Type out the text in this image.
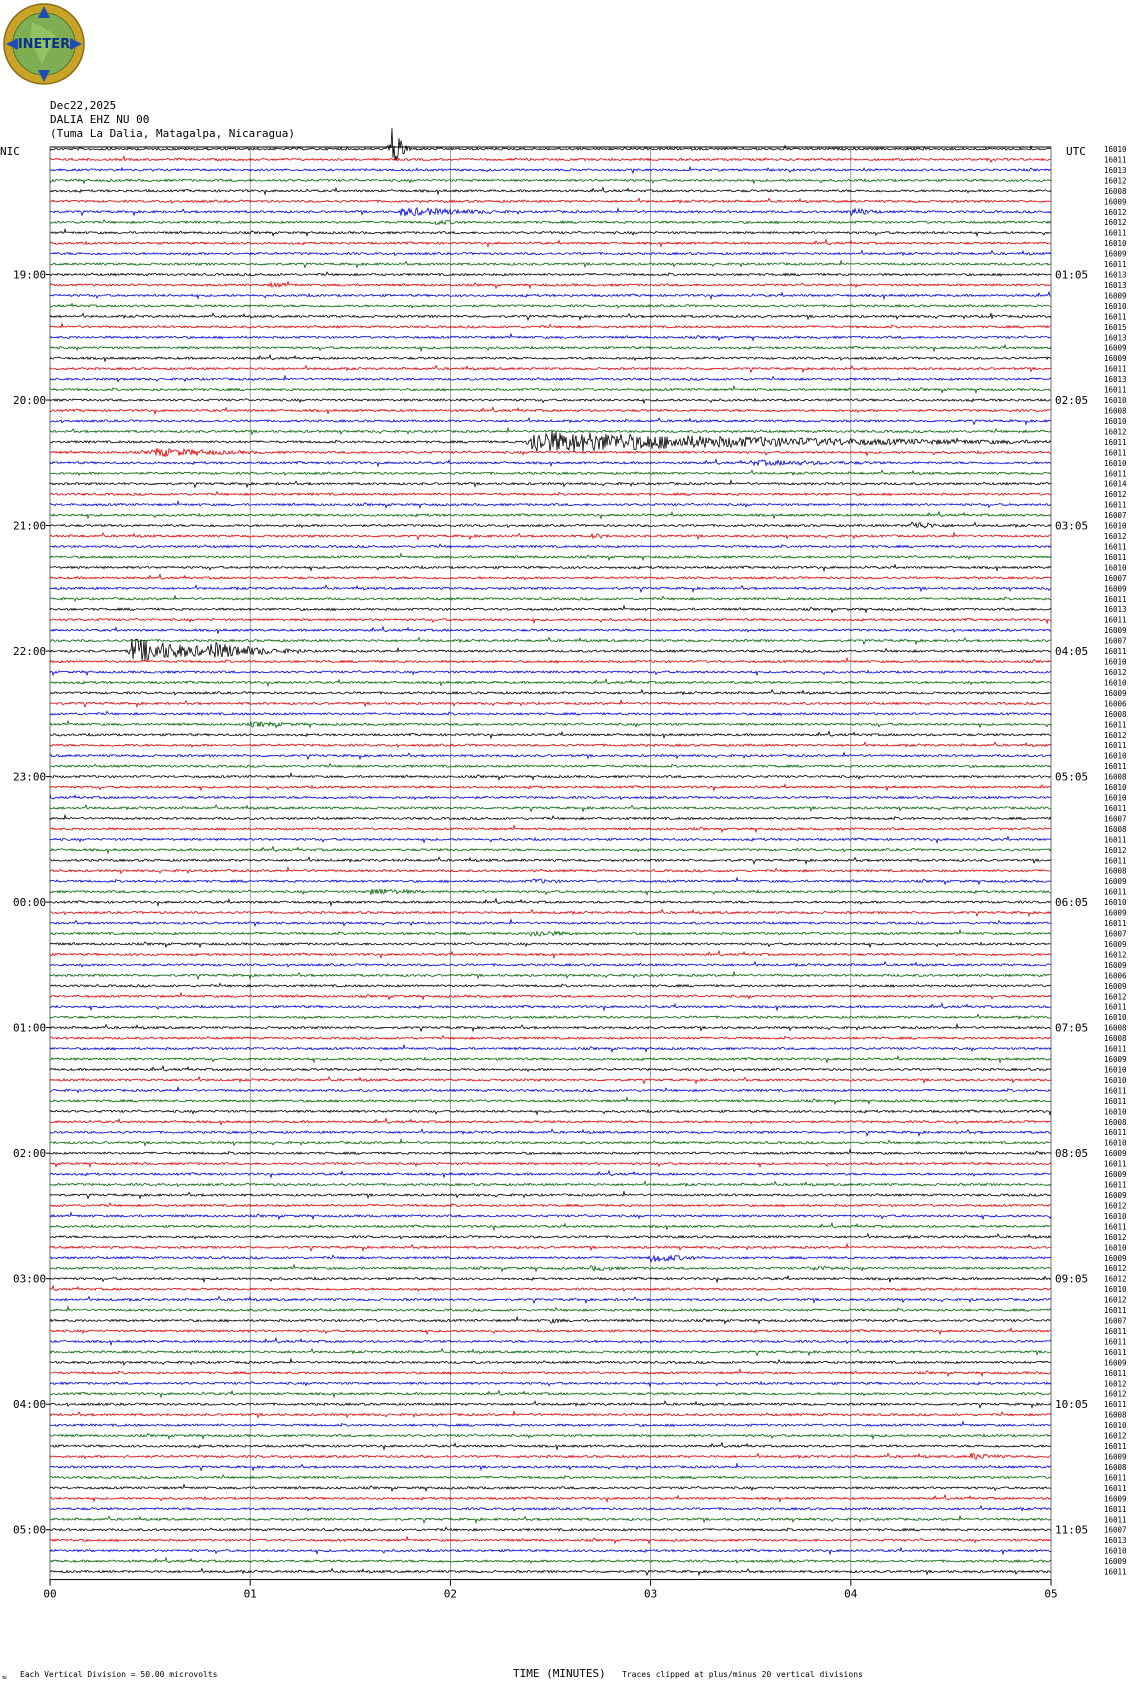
INETER
Dec22,2025
DALIA EHZ NU 00
(Tuma La Dalia, Matagalpa, Nicaragua)
NIC	UTC
00	01	02	03	04	05
16010
16011
16013
16012
16008
16009
16012
16012
16011
16010
16009
16011
16013
16013
16009
16010
16011
16015
16013
16009
16009
16011
16013
16011
16010
16008
16010
16012
16011
16011
16010
16011
16014
16012
16011
16007
16010
16012
16011
16011
16010
16007
16009
16011
16013
16011
16009
16007
16011
16010
16012
16010
16009
16006
16008
16011
16012
16011
16010
16011
16008
16010
16010
16011
16007
16008
16011
16012
16011
16008
16009
16011
16010
16009
16011
16007
16009
16012
16009
16006
16009
16012
16011
16010
16008
16008
16011
16009
16010
16010
16011
16011
16010
16008
16011
16010
16009
16011
16009
16011
16009
16012
16010
16011
16012
16010
16009
16012
16012
16010
16012
16011
16007
16011
16011
16011
16009
16011
16012
16012
16011
16008
16010
16012
16011
16009
16008
16011
16011
16009
16011
16011
16007
16013
16010
16009
16011
19:00
20:00
21:00
22:00
23:00
00:00
01:00
02:00
03:00
04:00
05:00
01:05
02:05
03:05
04:05
05:05
06:05
07:05
08:05
09:05
10:05
11:05
≈ Each Vertical Division = 50.00 microvolts	TIME (MINUTES) Traces clipped at plus/minus 20 vertical divisions
